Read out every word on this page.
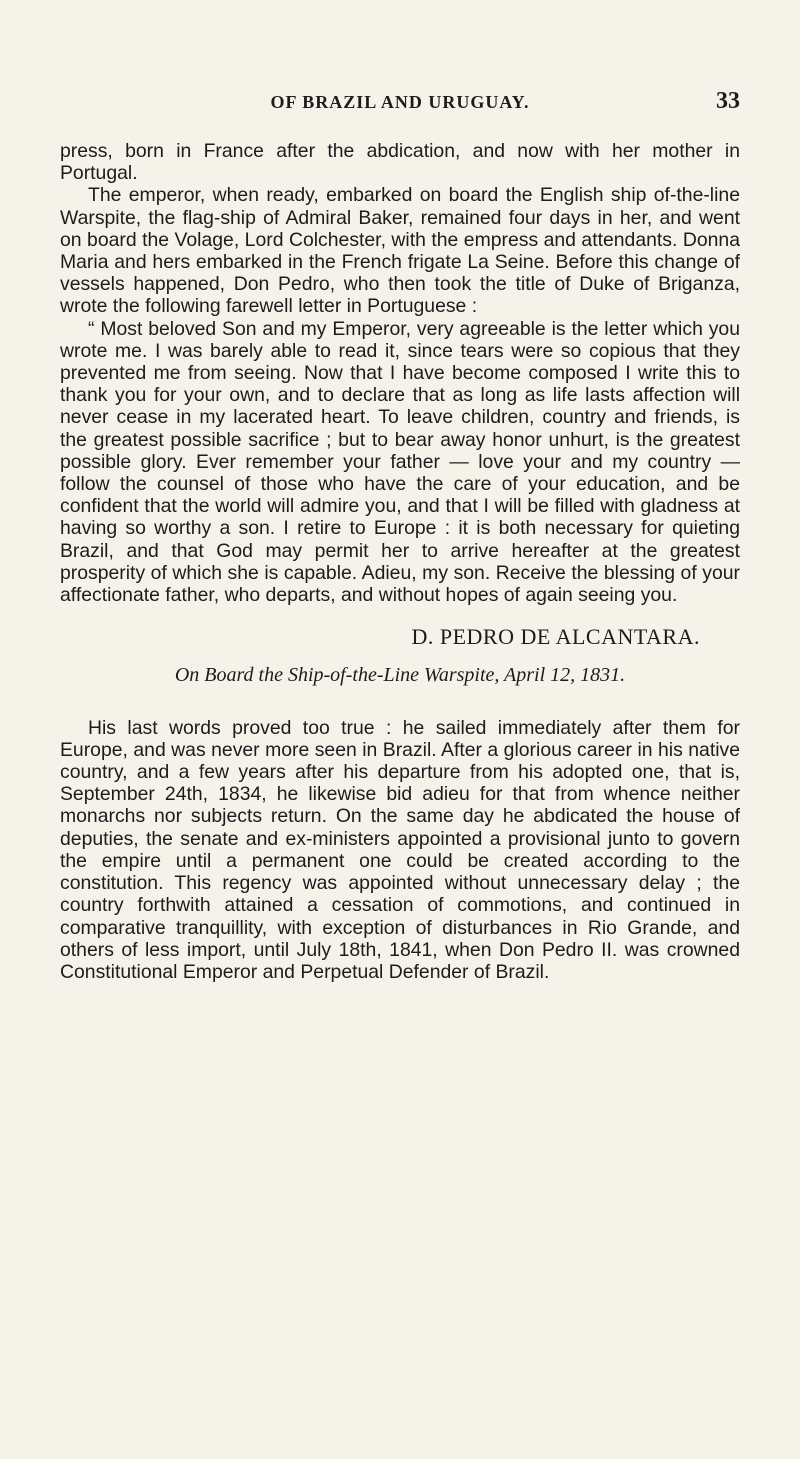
OF BRAZIL AND URUGUAY.	33

press, born in France after the abdication, and now with her mother in Portugal.

The emperor, when ready, embarked on board the English ship of-the-line Warspite, the flag-ship of Admiral Baker, remained four days in her, and went on board the Volage, Lord Colchester, with the empress and attendants. Donna Maria and hers embarked in the French frigate La Seine. Before this change of vessels happened, Don Pedro, who then took the title of Duke of Briganza, wrote the following farewell letter in Portuguese :

“ Most beloved Son and my Emperor, very agreeable is the letter which you wrote me. I was barely able to read it, since tears were so copious that they prevented me from seeing. Now that I have become composed I write this to thank you for your own, and to declare that as long as life lasts affection will never cease in my lacerated heart. To leave children, country and friends, is the greatest possible sacrifice ; but to bear away honor unhurt, is the greatest possible glory. Ever remember your father — love your and my country — follow the counsel of those who have the care of your education, and be confident that the world will admire you, and that I will be filled with gladness at having so worthy a son. I retire to Europe : it is both necessary for quieting Brazil, and that God may permit her to arrive hereafter at the greatest prosperity of which she is capable. Adieu, my son. Receive the blessing of your affectionate father, who departs, and without hopes of again seeing you.

D. PEDRO DE ALCANTARA.

On Board the Ship-of-the-Line Warspite, April 12, 1831.

His last words proved too true : he sailed immediately after them for Europe, and was never more seen in Brazil. After a glorious career in his native country, and a few years after his departure from his adopted one, that is, September 24th, 1834, he likewise bid adieu for that from whence neither monarchs nor subjects return. On the same day he abdicated the house of deputies, the senate and ex-ministers appointed a provisional junto to govern the empire until a permanent one could be created according to the constitution. This regency was appointed without unnecessary delay ; the country forthwith attained a cessation of commotions, and continued in comparative tranquillity, with exception of disturbances in Rio Grande, and others of less import, until July 18th, 1841, when Don Pedro II. was crowned Constitutional Emperor and Perpetual Defender of Brazil.
